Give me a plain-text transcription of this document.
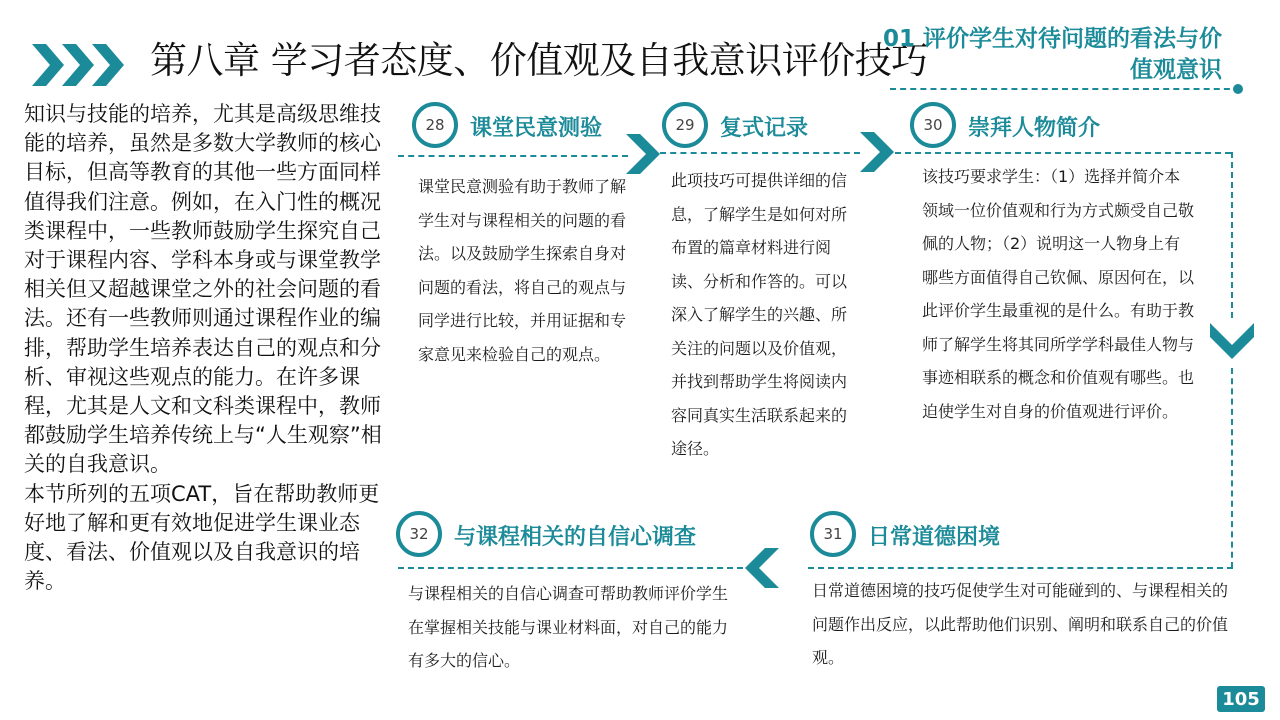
第八章 学习者态度、价值观及自我意识评价技巧
01 评价学生对待问题的看法与价值观意识

知识与技能的培养，尤其是高级思维技能的培养，虽然是多数大学教师的核心目标，但高等教育的其他一些方面同样值得我们注意。例如，在入门性的概况类课程中，一些教师鼓励学生探究自己对于课程内容、学科本身或与课堂教学相关但又超越课堂之外的社会问题的看法。还有一些教师则通过课程作业的编排，帮助学生培养表达自己的观点和分析、审视这些观点的能力。在许多课程，尤其是人文和文科类课程中，教师都鼓励学生培养传统上与“人生观察”相关的自我意识。

本节所列的五项CAT，旨在帮助教师更好地了解和更有效地促进学生课业态度、看法、价值观以及自我意识的培养。

28	课堂民意测验
课堂民意测验有助于教师了解学生对与课程相关的问题的看法。以及鼓励学生探索自身对问题的看法，将自己的观点与同学进行比较，并用证据和专家意见来检验自己的观点。
29	复式记录
此项技巧可提供详细的信息，了解学生是如何对所布置的篇章材料进行阅读、分析和作答的。可以深入了解学生的兴趣、所关注的问题以及价值观，并找到帮助学生将阅读内容同真实生活联系起来的途径。
30	崇拜人物简介
该技巧要求学生：（1）选择并简介本领域一位价值观和行为方式颇受自己敬佩的人物；（2）说明这一人物身上有哪些方面值得自己钦佩、原因何在，以此评价学生最重视的是什么。有助于教师了解学生将其同所学学科最佳人物与事迹相联系的概念和价值观有哪些。也迫使学生对自身的价值观进行评价。
31	日常道德困境
日常道德困境的技巧促使学生对可能碰到的、与课程相关的问题作出反应，以此帮助他们识别、阐明和联系自己的价值观。
32	与课程相关的自信心调查
与课程相关的自信心调查可帮助教师评价学生在掌握相关技能与课业材料面，对自己的能力有多大的信心。
105
